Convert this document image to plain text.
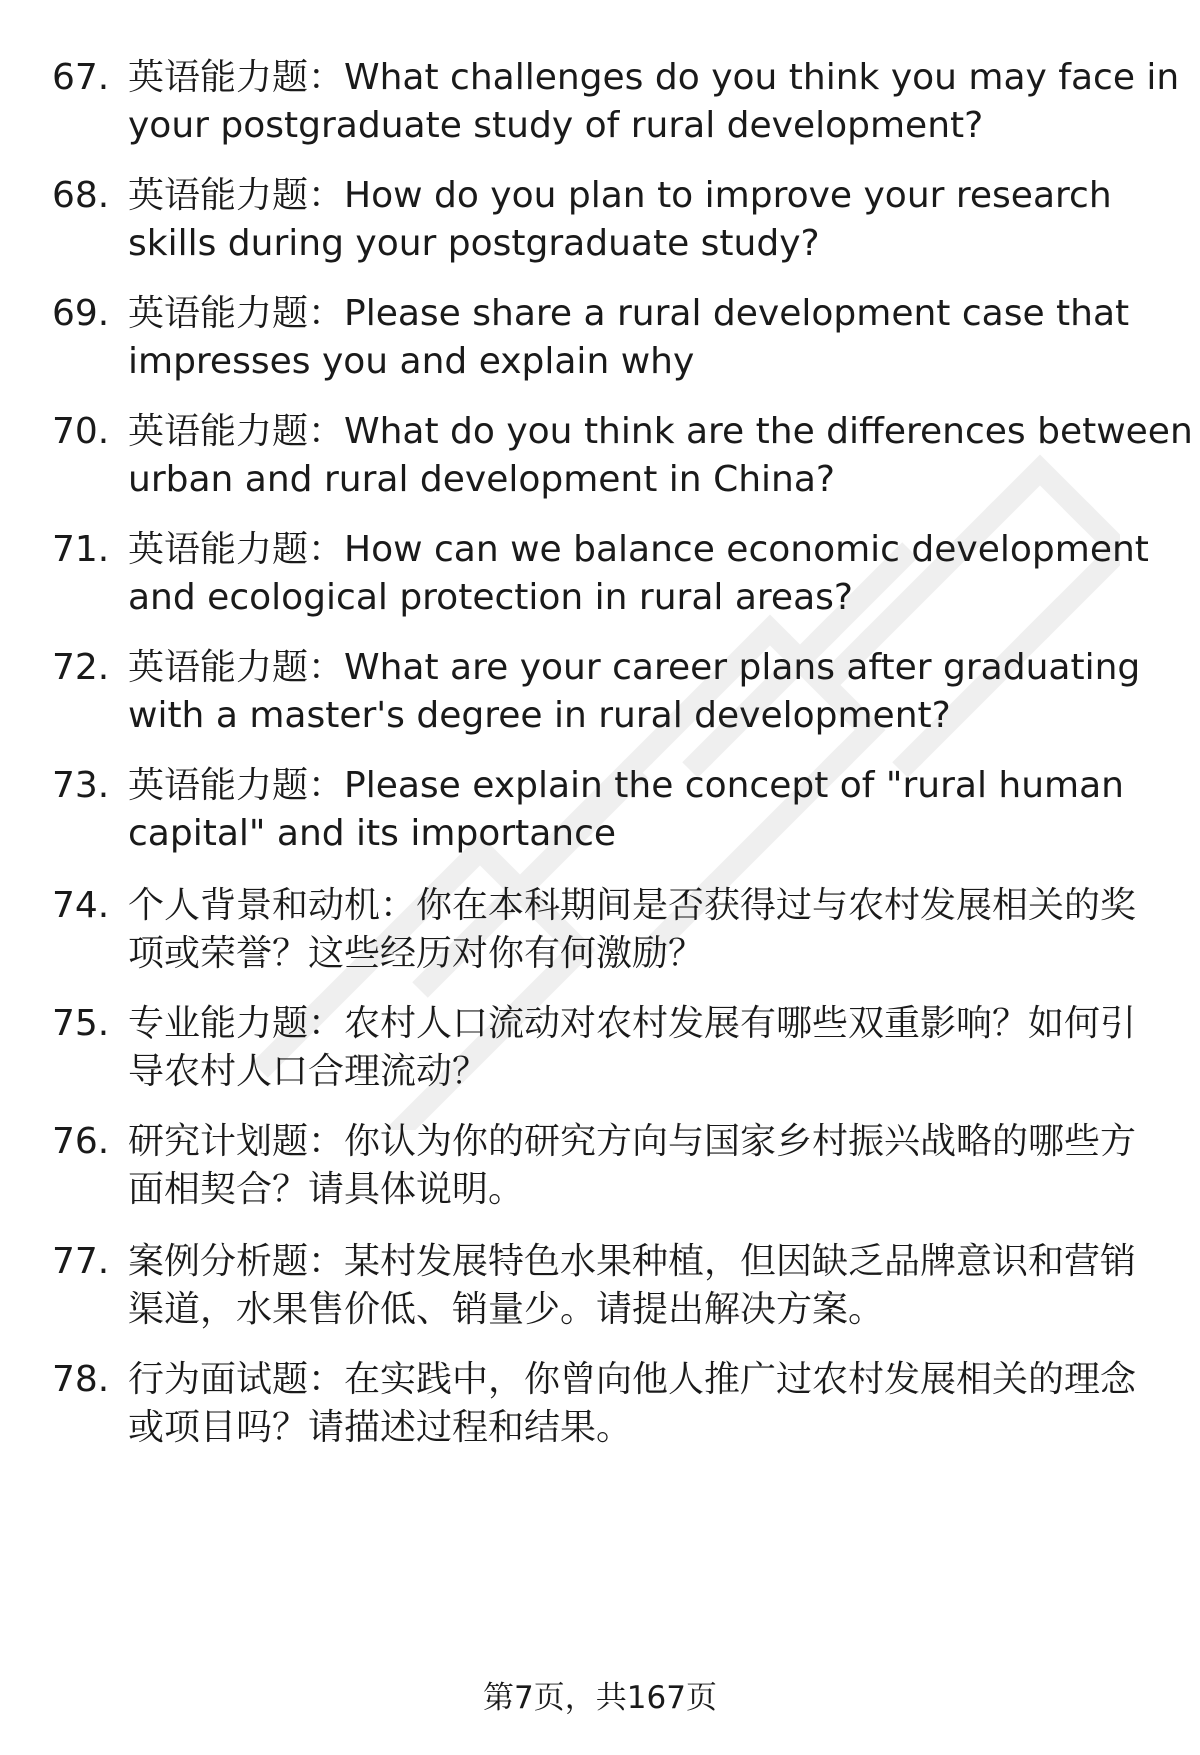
67. 英语能力题：What challenges do you think you may face in
your postgraduate study of rural development?
68. 英语能力题：How do you plan to improve your research
skills during your postgraduate study?
69. 英语能力题：Please share a rural development case that
impresses you and explain why
70. 英语能力题：What do you think are the differences between
urban and rural development in China?
71. 英语能力题：How can we balance economic development
and ecological protection in rural areas?
72. 英语能力题：What are your career plans after graduating
with a master's degree in rural development?
73. 英语能力题：Please explain the concept of "rural human
capital" and its importance
74. 个人背景和动机：你在本科期间是否获得过与农村发展相关的奖
项或荣誉？这些经历对你有何激励？
75. 专业能力题：农村人口流动对农村发展有哪些双重影响？如何引
导农村人口合理流动？
76. 研究计划题：你认为你的研究方向与国家乡村振兴战略的哪些方
面相契合？请具体说明。
77. 案例分析题：某村发展特色水果种植，但因缺乏品牌意识和营销
渠道，水果售价低、销量少。请提出解决方案。
78. 行为面试题：在实践中，你曾向他人推广过农村发展相关的理念
或项目吗？请描述过程和结果。
第7页，共167页
